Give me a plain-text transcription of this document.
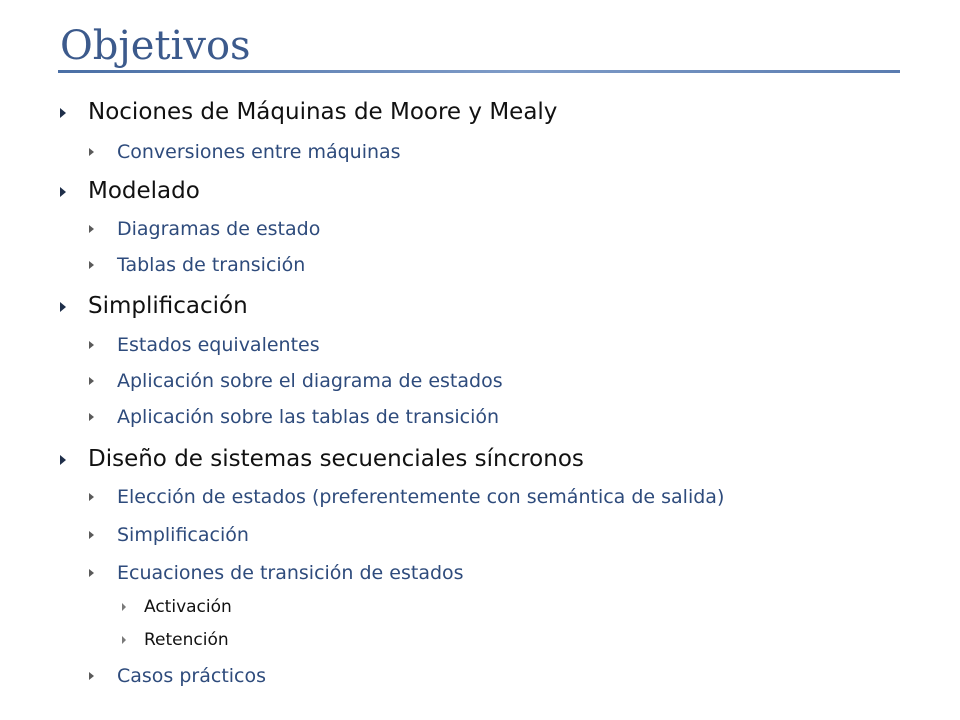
Objetivos
Nociones de Máquinas de Moore y Mealy
Conversiones entre máquinas
Modelado
Diagramas de estado
Tablas de transición
Simplificación
Estados equivalentes
Aplicación sobre el diagrama de estados
Aplicación sobre las tablas de transición
Diseño de sistemas secuenciales síncronos
Elección de estados (preferentemente con semántica de salida)
Simplificación
Ecuaciones de transición de estados
Activación
Retención
Casos prácticos
